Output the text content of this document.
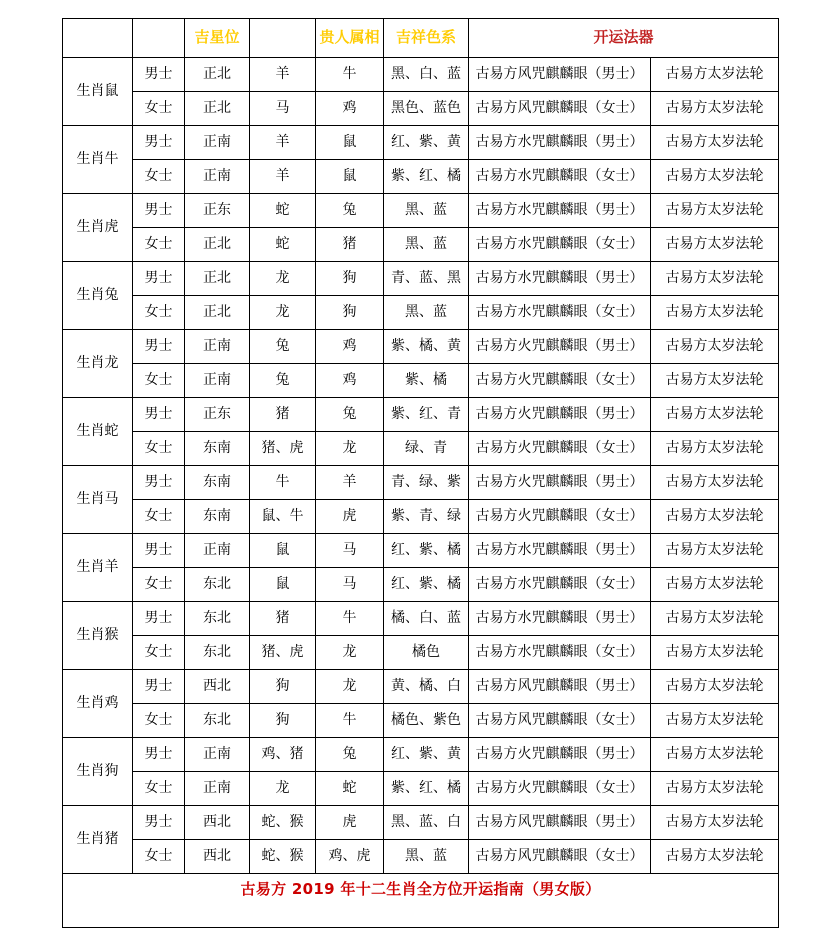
		吉星位	忌生肖	贵人属相	吉祥色系	开运法器	
生肖鼠	男士	正北	羊	牛	黑、白、蓝	古易方风咒麒麟眼（男士）	古易方太岁法轮
	女士	正北	马	鸡	黑色、蓝色	古易方风咒麒麟眼（女士）	古易方太岁法轮
生肖牛	男士	正南	羊	鼠	红、紫、黄	古易方水咒麒麟眼（男士）	古易方太岁法轮
	女士	正南	羊	鼠	紫、红、橘	古易方水咒麒麟眼（女士）	古易方太岁法轮
生肖虎	男士	正东	蛇	兔	黑、蓝	古易方水咒麒麟眼（男士）	古易方太岁法轮
	女士	正北	蛇	猪	黑、蓝	古易方水咒麒麟眼（女士）	古易方太岁法轮
生肖兔	男士	正北	龙	狗	青、蓝、黑	古易方水咒麒麟眼（男士）	古易方太岁法轮
	女士	正北	龙	狗	黑、蓝	古易方水咒麒麟眼（女士）	古易方太岁法轮
生肖龙	男士	正南	兔	鸡	紫、橘、黄	古易方火咒麒麟眼（男士）	古易方太岁法轮
	女士	正南	兔	鸡	紫、橘	古易方火咒麒麟眼（女士）	古易方太岁法轮
生肖蛇	男士	正东	猪	兔	紫、红、青	古易方火咒麒麟眼（男士）	古易方太岁法轮
	女士	东南	猪、虎	龙	绿、青	古易方火咒麒麟眼（女士）	古易方太岁法轮
生肖马	男士	东南	牛	羊	青、绿、紫	古易方火咒麒麟眼（男士）	古易方太岁法轮
	女士	东南	鼠、牛	虎	紫、青、绿	古易方火咒麒麟眼（女士）	古易方太岁法轮
生肖羊	男士	正南	鼠	马	红、紫、橘	古易方水咒麒麟眼（男士）	古易方太岁法轮
	女士	东北	鼠	马	红、紫、橘	古易方水咒麒麟眼（女士）	古易方太岁法轮
生肖猴	男士	东北	猪	牛	橘、白、蓝	古易方水咒麒麟眼（男士）	古易方太岁法轮
	女士	东北	猪、虎	龙	橘色	古易方水咒麒麟眼（女士）	古易方太岁法轮
生肖鸡	男士	西北	狗	龙	黄、橘、白	古易方风咒麒麟眼（男士）	古易方太岁法轮
	女士	东北	狗	牛	橘色、紫色	古易方风咒麒麟眼（女士）	古易方太岁法轮
生肖狗	男士	正南	鸡、猪	兔	红、紫、黄	古易方火咒麒麟眼（男士）	古易方太岁法轮
	女士	正南	龙	蛇	紫、红、橘	古易方火咒麒麟眼（女士）	古易方太岁法轮
生肖猪	男士	西北	蛇、猴	虎	黑、蓝、白	古易方风咒麒麟眼（男士）	古易方太岁法轮
	女士	西北	蛇、猴	鸡、虎	黑、蓝	古易方风咒麒麟眼（女士）	古易方太岁法轮
古易方 2019 年十二生肖全方位开运指南（男女版）							
